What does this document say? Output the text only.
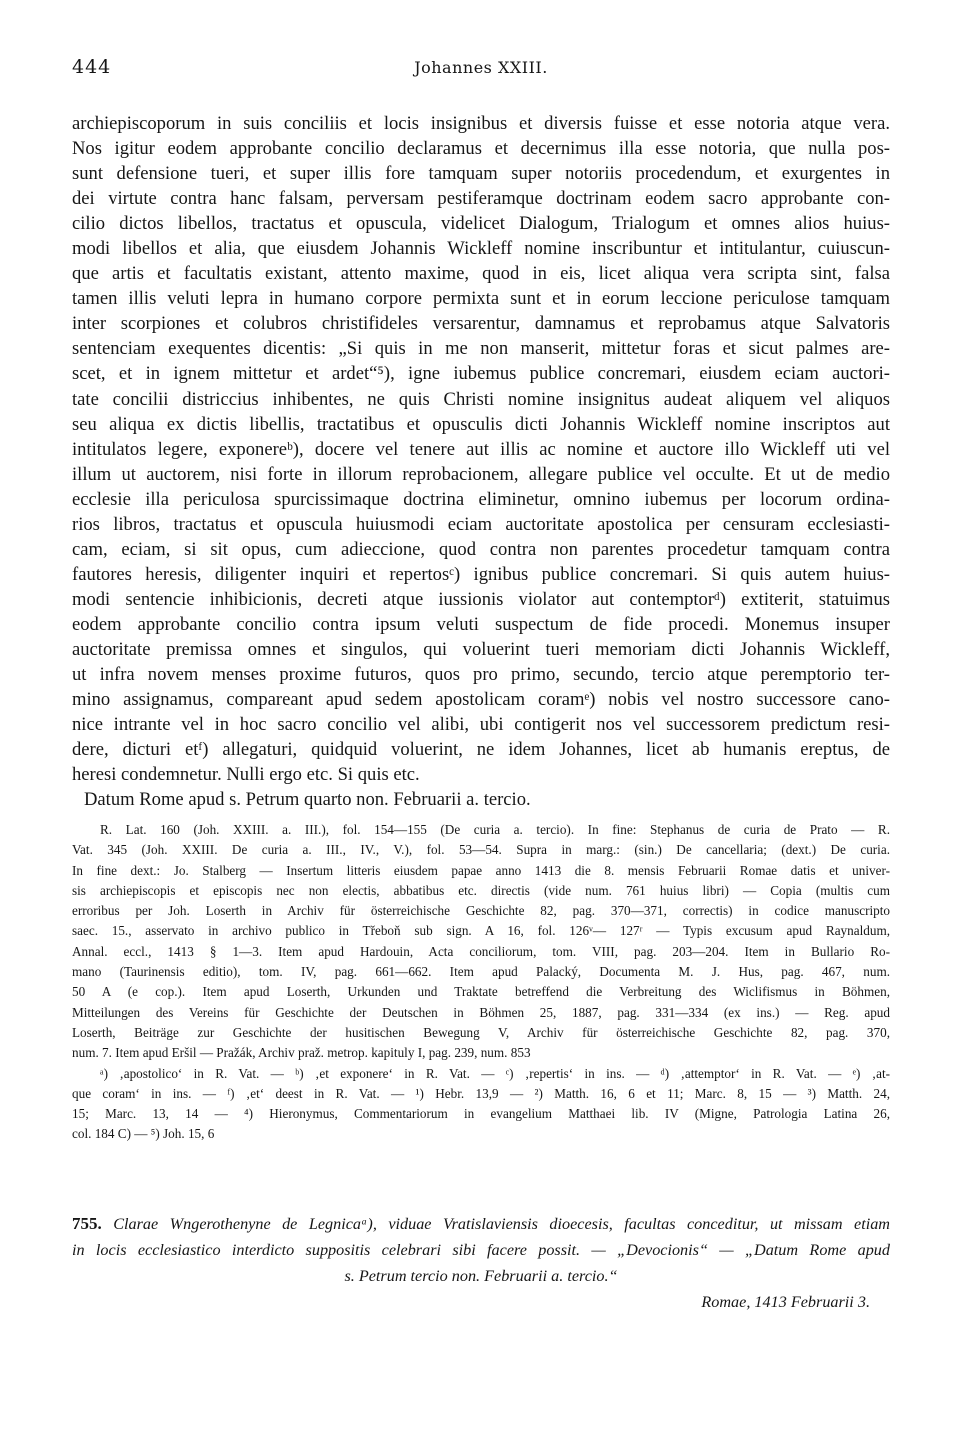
444	Johannes XXIII.
archiepiscoporum in suis conciliis et locis insignibus et diversis fuisse et esse notoria atque vera.
Nos igitur eodem approbante concilio declaramus et decernimus illa esse notoria, que nulla pos-
sunt defensione tueri, et super illis fore tamquam super notoriis procedendum, et exurgentes in
dei virtute contra hanc falsam, perversam pestiferamque doctrinam eodem sacro approbante con-
cilio dictos libellos, tractatus et opuscula, videlicet Dialogum, Trialogum et omnes alios huius-
modi libellos et alia, que eiusdem Johannis Wickleff nomine inscribuntur et intitulantur, cuiuscun-
que artis et facultatis existant, attento maxime, quod in eis, licet aliqua vera scripta sint, falsa
tamen illis veluti lepra in humano corpore permixta sunt et in eorum leccione periculose tamquam
inter scorpiones et colubros christifideles versarentur, damnamus et reprobamus atque Salvatoris
sentenciam exequentes dicentis: „Si quis in me non manserit, mittetur foras et sicut palmes are-
scet, et in ignem mittetur et ardet“⁵), igne iubemus publice concremari, eiusdem eciam auctori-
tate concilii districcius inhibentes, ne quis Christi nomine insignitus audeat aliquem vel aliquos
seu aliqua ex dictis libellis, tractatibus et opusculis dicti Johannis Wickleff nomine inscriptos aut
intitulatos legere, exponereᵇ), docere vel tenere aut illis ac nomine et auctore illo Wickleff uti vel
illum ut auctorem, nisi forte in illorum reprobacionem, allegare publice vel occulte. Et ut de medio
ecclesie illa periculosa spurcissimaque doctrina eliminetur, omnino iubemus per locorum ordina-
rios libros, tractatus et opuscula huiusmodi eciam auctoritate apostolica per censuram ecclesiasti-
cam, eciam, si sit opus, cum adieccione, quod contra non parentes procedetur tamquam contra
fautores heresis, diligenter inquiri et repertosᶜ) ignibus publice concremari. Si quis autem huius-
modi sentencie inhibicionis, decreti atque iussionis violator aut contemptorᵈ) extiterit, statuimus
eodem approbante concilio contra ipsum veluti suspectum de fide procedi. Monemus insuper
auctoritate premissa omnes et singulos, qui voluerint tueri memoriam dicti Johannis Wickleff,
ut infra novem menses proxime futuros, quos pro primo, secundo, tercio atque peremptorio ter-
mino assignamus, compareant apud sedem apostolicam coramᵉ) nobis vel nostro successore cano-
nice intrante vel in hoc sacro concilio vel alibi, ubi contigerit nos vel successorem predictum resi-
dere, dicturi etᶠ) allegaturi, quidquid voluerint, ne idem Johannes, licet ab humanis ereptus, de
heresi condemnetur. Nulli ergo etc. Si quis etc.
Datum Rome apud s. Petrum quarto non. Februarii a. tercio.
R. Lat. 160 (Joh. XXIII. a. III.), fol. 154—155 (De curia a. tercio). In fine: Stephanus de curia de Prato — R.
Vat. 345 (Joh. XXIII. De curia a. III., IV., V.), fol. 53—54. Supra in marg.: (sin.) De cancellaria; (dext.) De curia.
In fine dext.: Jo. Stalberg — Insertum litteris eiusdem papae anno 1413 die 8. mensis Februarii Romae datis et univer-
sis archiepiscopis et episcopis nec non electis, abbatibus etc. directis (vide num. 761 huius libri) — Copia (multis cum
erroribus per Joh. Loserth in Archiv für österreichische Geschichte 82, pag. 370—371, correctis) in codice manuscripto
saec. 15., asservato in archivo publico in Třeboň sub sign. A 16, fol. 126ᵛ— 127ʳ — Typis excusum apud Raynaldum,
Annal. eccl., 1413 § 1—3. Item apud Hardouin, Acta conciliorum, tom. VIII, pag. 203—204. Item in Bullario Ro-
mano (Taurinensis editio), tom. IV, pag. 661—662. Item apud Palacký, Documenta M. J. Hus, pag. 467, num.
50 A (e cop.). Item apud Loserth, Urkunden und Traktate betreffend die Verbreitung des Wiclifismus in Böhmen,
Mitteilungen des Vereins für Geschichte der Deutschen in Böhmen 25, 1887, pag. 331—334 (ex ins.) — Reg. apud
Loserth, Beiträge zur Geschichte der husitischen Bewegung V, Archiv für österreichische Geschichte 82, pag. 370,
num. 7. Item apud Eršil — Pražák, Archiv praž. metrop. kapituly I, pag. 239, num. 853
ᵃ) ‚apostolico‘ in R. Vat. — ᵇ) ‚et exponere‘ in R. Vat. — ᶜ) ‚repertis‘ in ins. — ᵈ) ‚attemptor‘ in R. Vat. — ᵉ) ‚at-
que coram‘ in ins. — ᶠ) ‚et‘ deest in R. Vat. — ¹) Hebr. 13,9 — ²) Matth. 16, 6 et 11; Marc. 8, 15 — ³) Matth. 24,
15; Marc. 13, 14 — ⁴) Hieronymus, Commentariorum in evangelium Matthaei lib. IV (Migne, Patrologia Latina 26,
col. 184 C) — ⁵) Joh. 15, 6
755. Clarae Wngerothenyne de Legnicaᵃ), viduae Vratislaviensis dioecesis, facultas conceditur, ut missam etiam
in locis ecclesiastico interdicto suppositis celebrari sibi facere possit. — „Devocionis“ — „Datum Rome apud
s. Petrum tercio non. Februarii a. tercio.“
Romae, 1413 Februarii 3.
